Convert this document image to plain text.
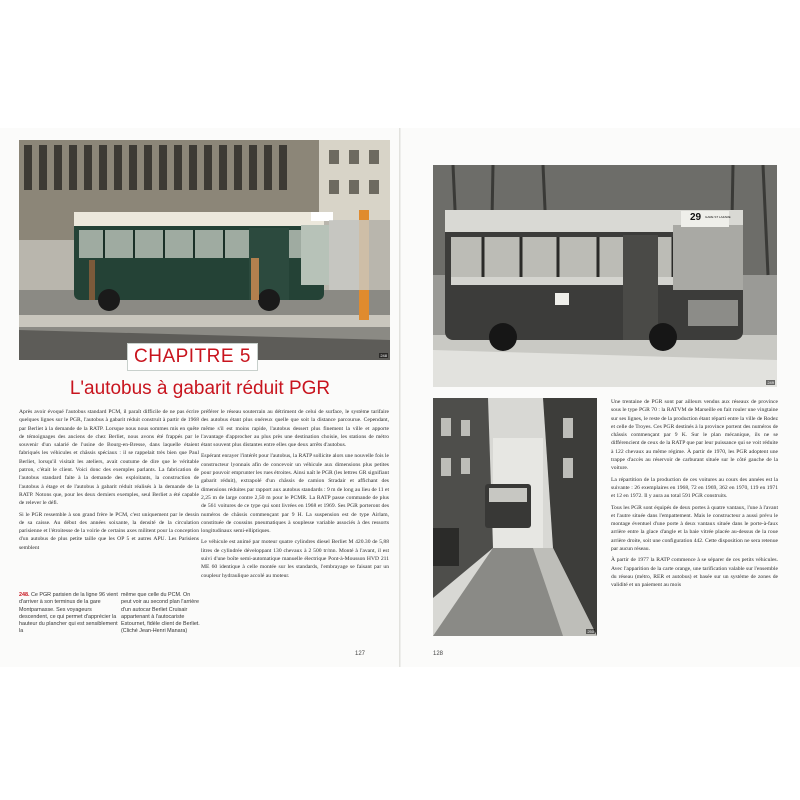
248
CHAPITRE 5
L'autobus à gabarit réduit PGR

Après avoir évoqué l'autobus standard PCM, il paraît difficile de ne pas écrire quelques lignes sur le PGR, l'autobus à gabarit réduit construit à partir de 1968 par Berliet à la demande de la RATP. Lorsque nous nous sommes mis en quête de témoignages des anciens de chez Berliet, nous avons été frappés par le souvenir d'un salarié de l'usine de Bourg-en-Bresse, dans laquelle étaient fabriqués les véhicules et châssis spéciaux : il se rappelait très bien que Paul Berliet, lorsqu'il visitait les ateliers, avait coutume de dire que le véritable patron, c'était le client. Voici donc des exemples parlants. La fabrication de l'autobus standard faite à la demande des exploitants, la construction de l'autobus à étage et de l'autobus à gabarit réduit réalisés à la demande de la RATP. Notons que, pour les deux derniers exemples, seul Berliet a été capable de relever le défi.

Si le PGR ressemble à son grand frère le PCM, c'est uniquement par le dessin de sa caisse. Au début des années soixante, la densité de la circulation parisienne et l'étroitesse de la voirie de certains axes militent pour la conception d'un autobus de plus petite taille que les OP 5 et autres APU. Les Parisiens semblent

préférer le réseau souterrain au détriment de celui de surface, le système tarifaire des autobus étant plus onéreux quelle que soit la distance parcourue. Cependant, même s'il est moins rapide, l'autobus dessert plus finement la ville et apporte l'avantage d'approcher au plus près une destination choisie, les stations de métro étant souvent plus distantes entre elles que deux arrêts d'autobus.

Espérant enrayer l'intérêt pour l'autobus, la RATP sollicite alors une nouvelle fois le constructeur lyonnais afin de concevoir un véhicule aux dimensions plus petites pour pouvoir emprunter les rues étroites. Ainsi naît le PGR (les lettres GR signifiant gabarit réduit), extrapolé d'un châssis de camion Stradair et affichant des dimensions réduites par rapport aux autobus standards : 9 m de long au lieu de 11 et 2,25 m de large contre 2,50 m pour le PCMR. La RATP passe commande de plus de 561 voitures de ce type qui sont livrées en 1968 et 1969. Ses PGR porteront des numéros de châssis commençant par 9 H. La suspension est de type Airlam, constituée de coussins pneumatiques à souplesse variable associés à des ressorts longitudinaux semi-elliptiques.

Le véhicule est animé par moteur quatre cylindres diesel Berliet M 420.30 de 5,88 litres de cylindrée développant 130 chevaux à 2 500 tr/mn. Monté à l'avant, il est suivi d'une boîte semi-automatique manuelle électrique Pont-à-Mousson HVD 211 ME 60 identique à celle montée sur les standards, l'embrayage se faisant par un coupleur hydraulique accolé au moteur.

248. Ce PGR parisien de la ligne 96 vient d'arriver à son terminus de la gare Montparnasse. Ses voyageurs descendent, ce qui permet d'apprécier la hauteur du plancher qui est sensiblement la
même que celle du PCM. On peut voir au second plan l'arrière d'un autocar Berliet Cruisair appartenant à l'autocariste Estournet, fidèle client de Berliet. (Cliché Jean-Henri Manara)
127
29 GARE ST LAZARE
249
250

Une trentaine de PGR sont par ailleurs vendus aux réseaux de province sous le type PGR 70 : la RATVM de Marseille en fait rouler une vingtaine sur ses lignes, le reste de la production étant réparti entre la ville de Rodez et celle de Troyes. Ces PGR destinés à la province portent des numéros de châssis commençant par 9 K. Sur le plan mécanique, ils ne se différencient de ceux de la RATP que par leur puissance qui se voit réduite à 122 chevaux au même régime. À partir de 1970, les PGR adoptent une trappe d'accès au réservoir de carburant située sur le côté gauche de la voiture.

La répartition de la production de ces voitures au cours des années est la suivante : 26 exemplaires en 1968, 72 en 1969, 362 en 1970, 119 en 1971 et 12 en 1972. Il y aura au total 591 PGR construits.

Tous les PGR sont équipés de deux portes à quatre vantaux, l'une à l'avant et l'autre située dans l'empattement. Mais le constructeur a aussi prévu le montage éventuel d'une porte à deux vantaux située dans le porte-à-faux arrière entre la glace d'angle et la baie vitrée placée au-dessus de la roue arrière droite, soit une configuration 442. Cette disposition ne sera retenue par aucun réseau.

À partir de 1977 la RATP commence à se séparer de ces petits véhicules. Avec l'apparition de la carte orange, une tarification valable sur l'ensemble du réseau (métro, RER et autobus) et basée sur un système de zones de validité et un paiement au mois

128
